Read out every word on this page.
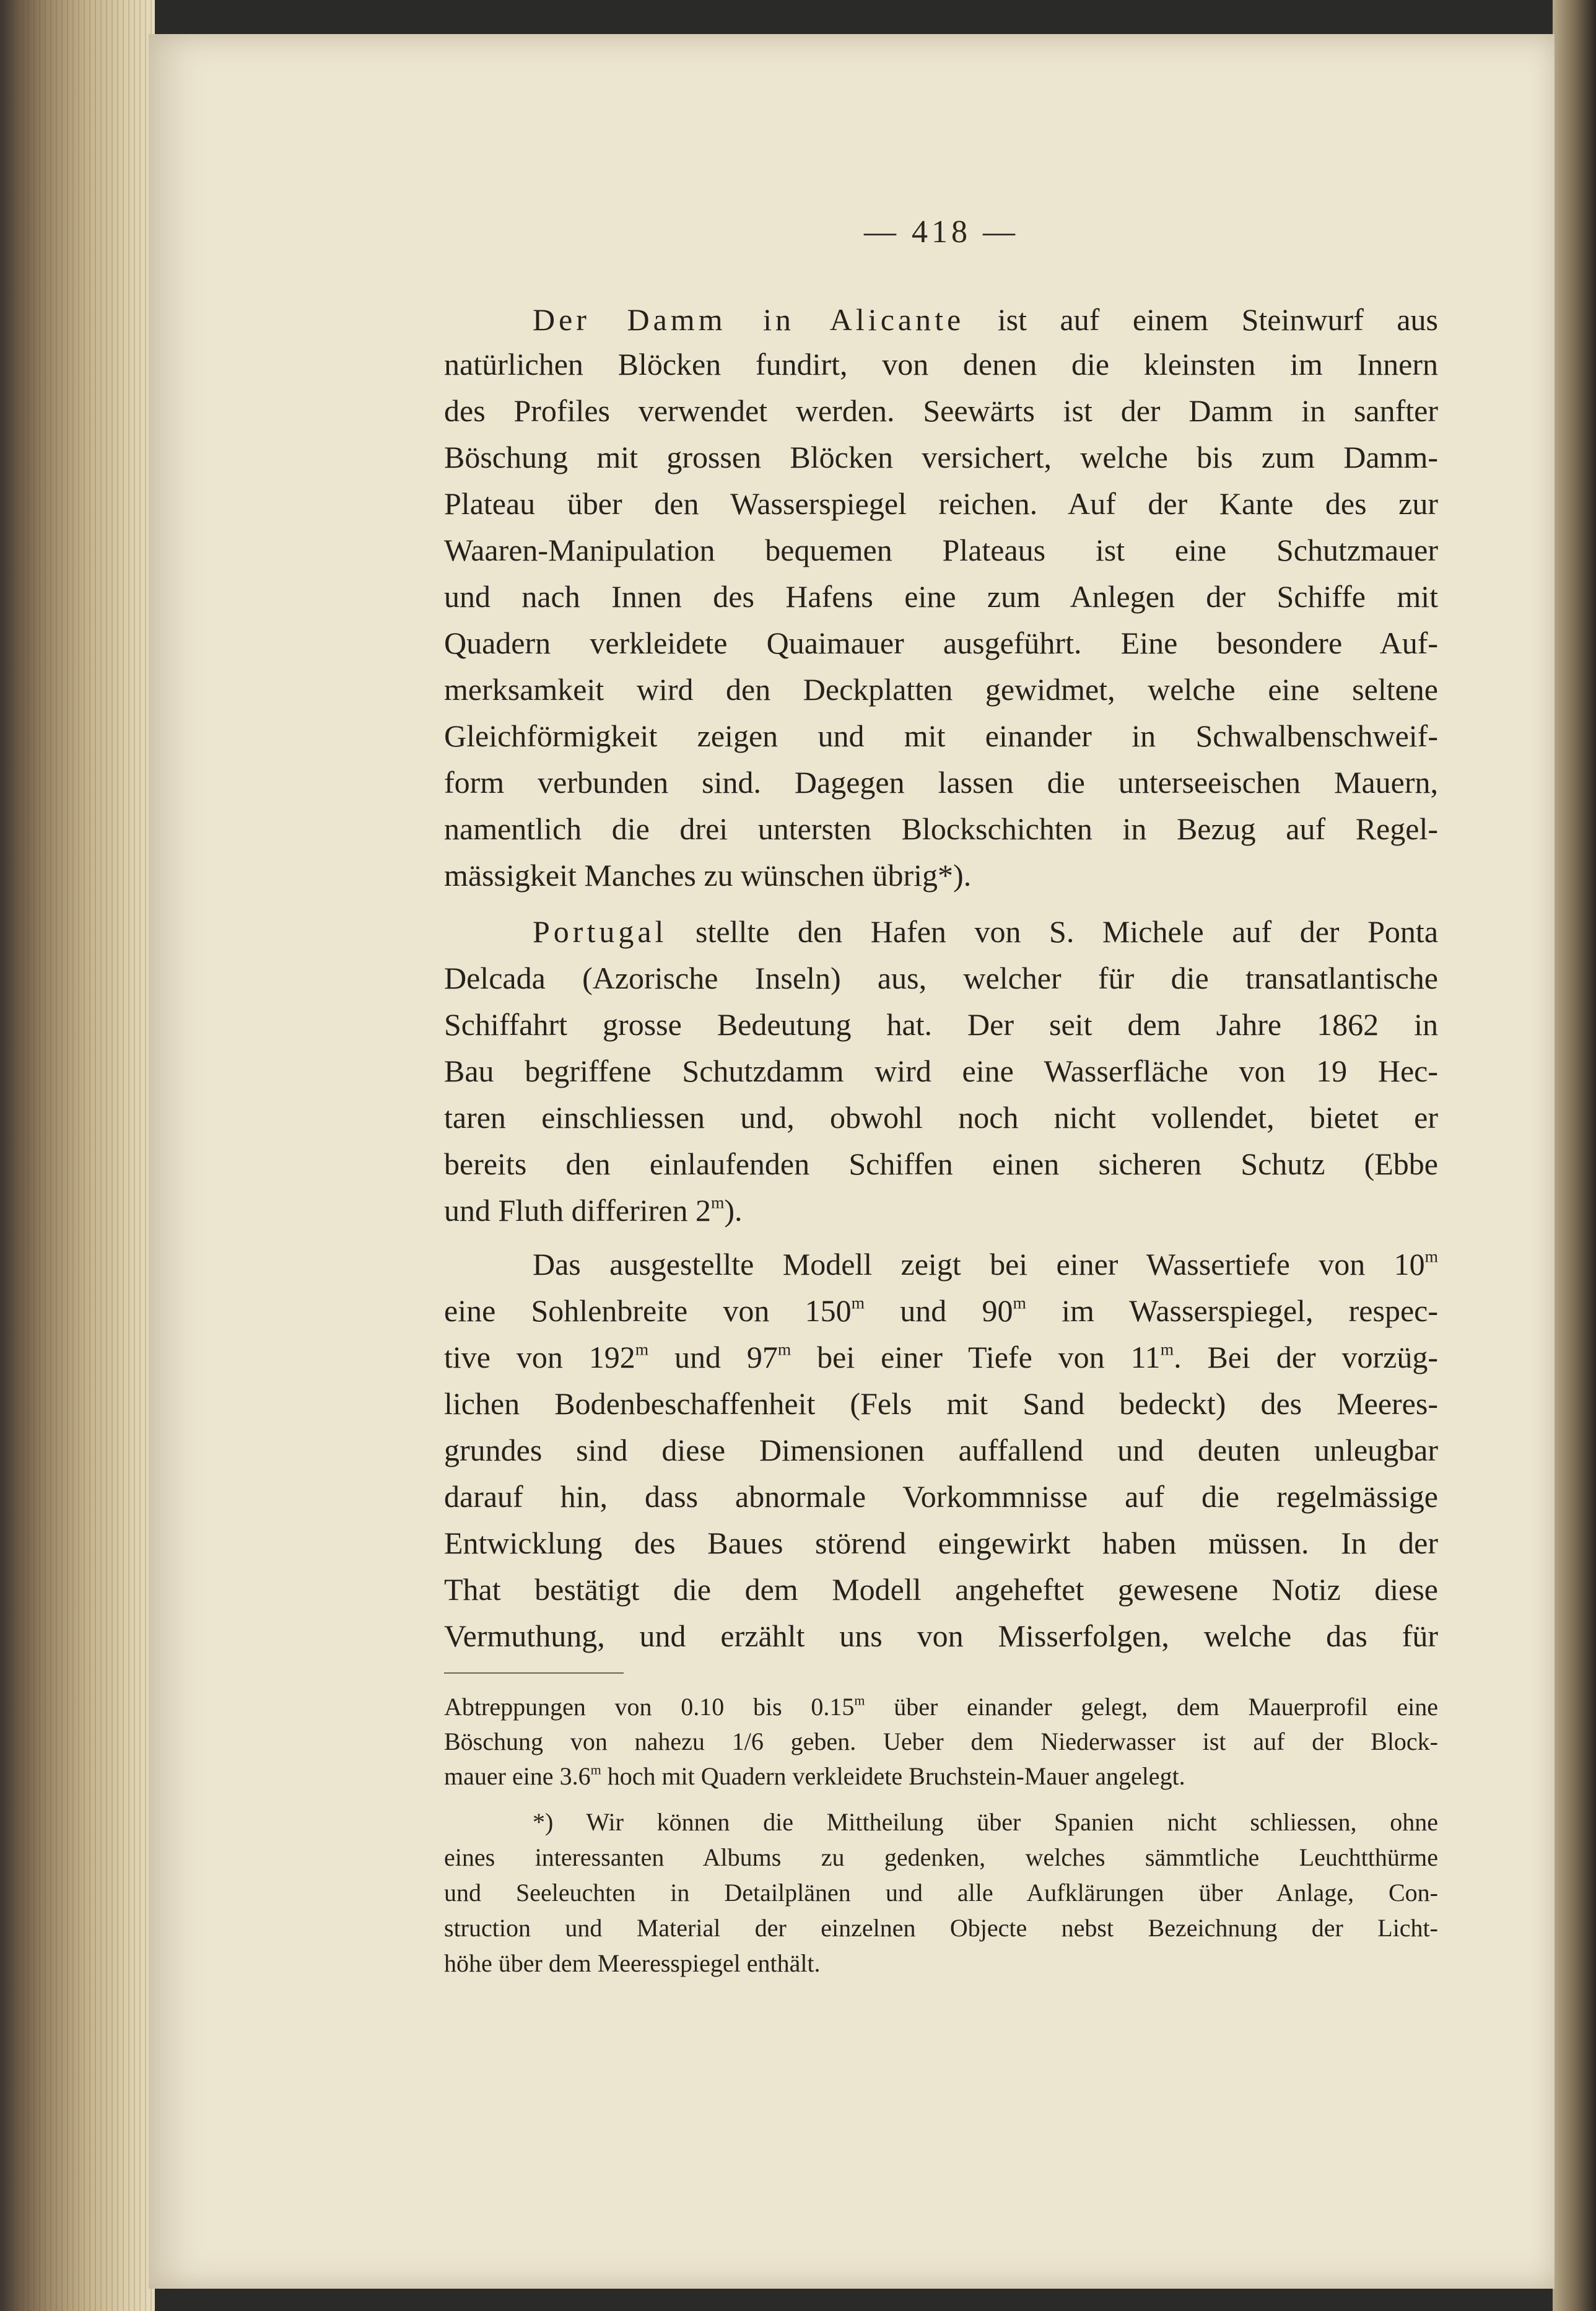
— 418 —
Der Damm in Alicante ist auf einem Steinwurf aus
natürlichen Blöcken fundirt, von denen die kleinsten im Innern
des Profiles verwendet werden. Seewärts ist der Damm in sanfter
Böschung mit grossen Blöcken versichert, welche bis zum Damm-
Plateau über den Wasserspiegel reichen. Auf der Kante des zur
Waaren-Manipulation bequemen Plateaus ist eine Schutzmauer
und nach Innen des Hafens eine zum Anlegen der Schiffe mit
Quadern verkleidete Quaimauer ausgeführt. Eine besondere Auf-
merksamkeit wird den Deckplatten gewidmet, welche eine seltene
Gleichförmigkeit zeigen und mit einander in Schwalbenschweif-
form verbunden sind. Dagegen lassen die unterseeischen Mauern,
namentlich die drei untersten Blockschichten in Bezug auf Regel-
mässigkeit Manches zu wünschen übrig*).
Portugal stellte den Hafen von S. Michele auf der Ponta
Delcada (Azorische Inseln) aus, welcher für die transatlantische
Schiffahrt grosse Bedeutung hat. Der seit dem Jahre 1862 in
Bau begriffene Schutzdamm wird eine Wasserfläche von 19 Hec-
taren einschliessen und, obwohl noch nicht vollendet, bietet er
bereits den einlaufenden Schiffen einen sicheren Schutz (Ebbe
und Fluth differiren 2$^m$).
Das ausgestellte Modell zeigt bei einer Wassertiefe von 10$^m$
eine Sohlenbreite von 150$^m$ und 90$^m$ im Wasserspiegel, respec-
tive von 192$^m$ und 97$^m$ bei einer Tiefe von 11$^m$. Bei der vorzüg-
lichen Bodenbeschaffenheit (Fels mit Sand bedeckt) des Meeres-
grundes sind diese Dimensionen auffallend und deuten unleugbar
darauf hin, dass abnormale Vorkommnisse auf die regelmässige
Entwicklung des Baues störend eingewirkt haben müssen. In der
That bestätigt die dem Modell angeheftet gewesene Notiz diese
Vermuthung, und erzählt uns von Misserfolgen, welche das für
Abtreppungen von 0.10 bis 0.15$^m$ über einander gelegt, dem Mauerprofil eine
Böschung von nahezu 1/6 geben. Ueber dem Niederwasser ist auf der Block-
mauer eine 3.6$^m$ hoch mit Quadern verkleidete Bruchstein-Mauer angelegt.
*) Wir können die Mittheilung über Spanien nicht schliessen, ohne
eines interessanten Albums zu gedenken, welches sämmtliche Leuchtthürme
und Seeleuchten in Detailplänen und alle Aufklärungen über Anlage, Con-
struction und Material der einzelnen Objecte nebst Bezeichnung der Licht-
höhe über dem Meeresspiegel enthält.
